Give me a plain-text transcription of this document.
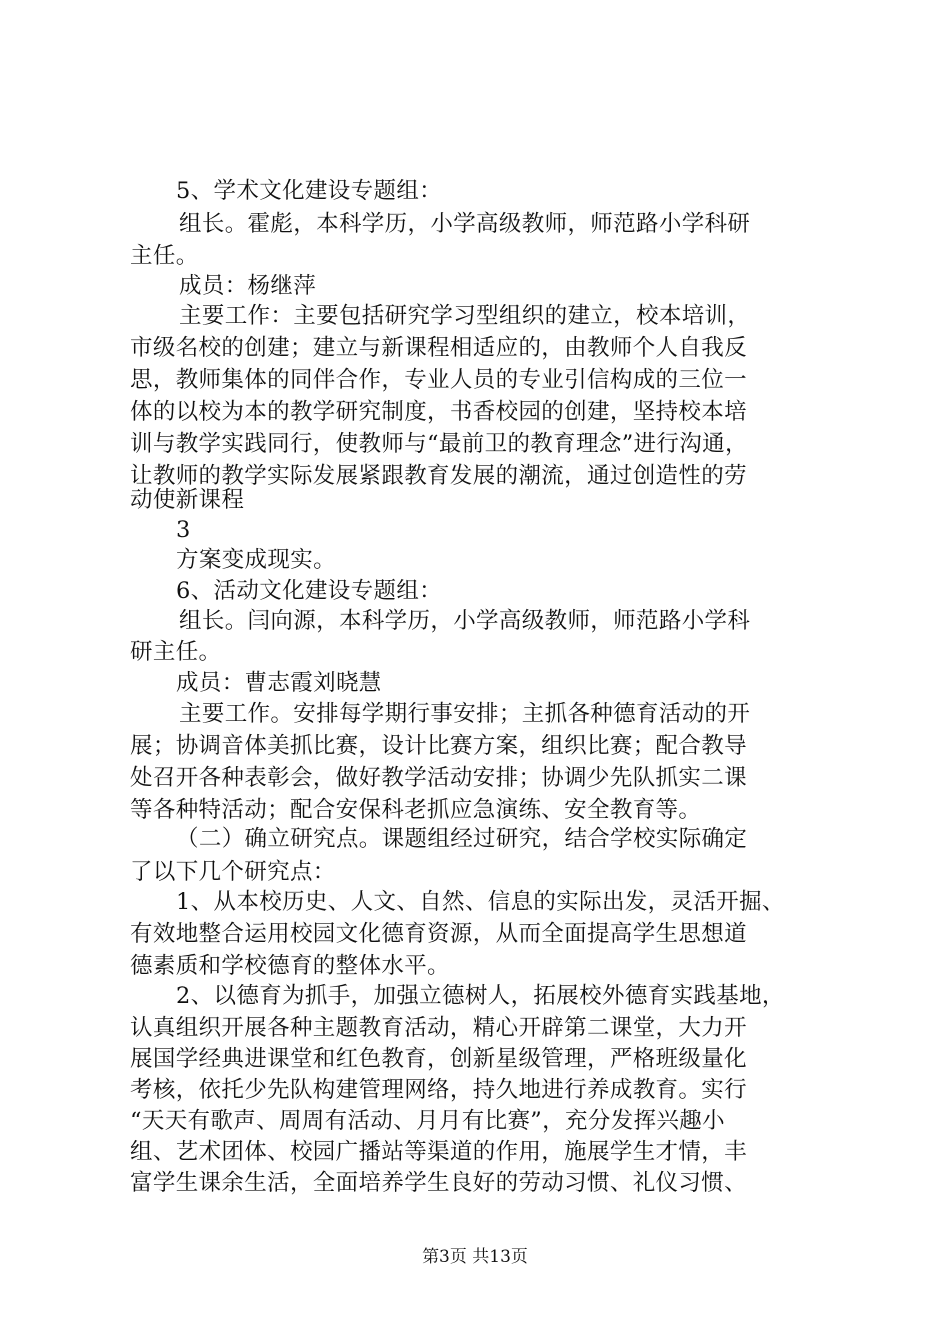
5、学术文化建设专题组：
组长。霍彪，本科学历，小学高级教师，师范路小学科研
主任。
成员：杨继萍
主要工作：主要包括研究学习型组织的建立，校本培训，
市级名校的创建；建立与新课程相适应的，由教师个人自我反
思，教师集体的同伴合作，专业人员的专业引信构成的三位一
体的以校为本的教学研究制度，书香校园的创建，坚持校本培
训与教学实践同行，使教师与“最前卫的教育理念”进行沟通，
让教师的教学实际发展紧跟教育发展的潮流，通过创造性的劳
动使新课程
3
方案变成现实。
6、活动文化建设专题组：
组长。闫向源，本科学历，小学高级教师，师范路小学科
研主任。
成员：曹志霞刘晓慧
主要工作。安排每学期行事安排；主抓各种德育活动的开
展；协调音体美抓比赛，设计比赛方案，组织比赛；配合教导
处召开各种表彰会，做好教学活动安排；协调少先队抓实二课
等各种特活动；配合安保科老抓应急演练、安全教育等。
（二）确立研究点。课题组经过研究，结合学校实际确定
了以下几个研究点：
1、从本校历史、人文、自然、信息的实际出发，灵活开掘、
有效地整合运用校园文化德育资源，从而全面提高学生思想道
德素质和学校德育的整体水平。
2、以德育为抓手，加强立德树人，拓展校外德育实践基地，
认真组织开展各种主题教育活动，精心开辟第二课堂，大力开
展国学经典进课堂和红色教育，创新星级管理，严格班级量化
考核，依托少先队构建管理网络，持久地进行养成教育。实行
“天天有歌声、周周有活动、月月有比赛”，充分发挥兴趣小
组、艺术团体、校园广播站等渠道的作用，施展学生才情，丰
富学生课余生活，全面培养学生良好的劳动习惯、礼仪习惯、
第3页 共13页
